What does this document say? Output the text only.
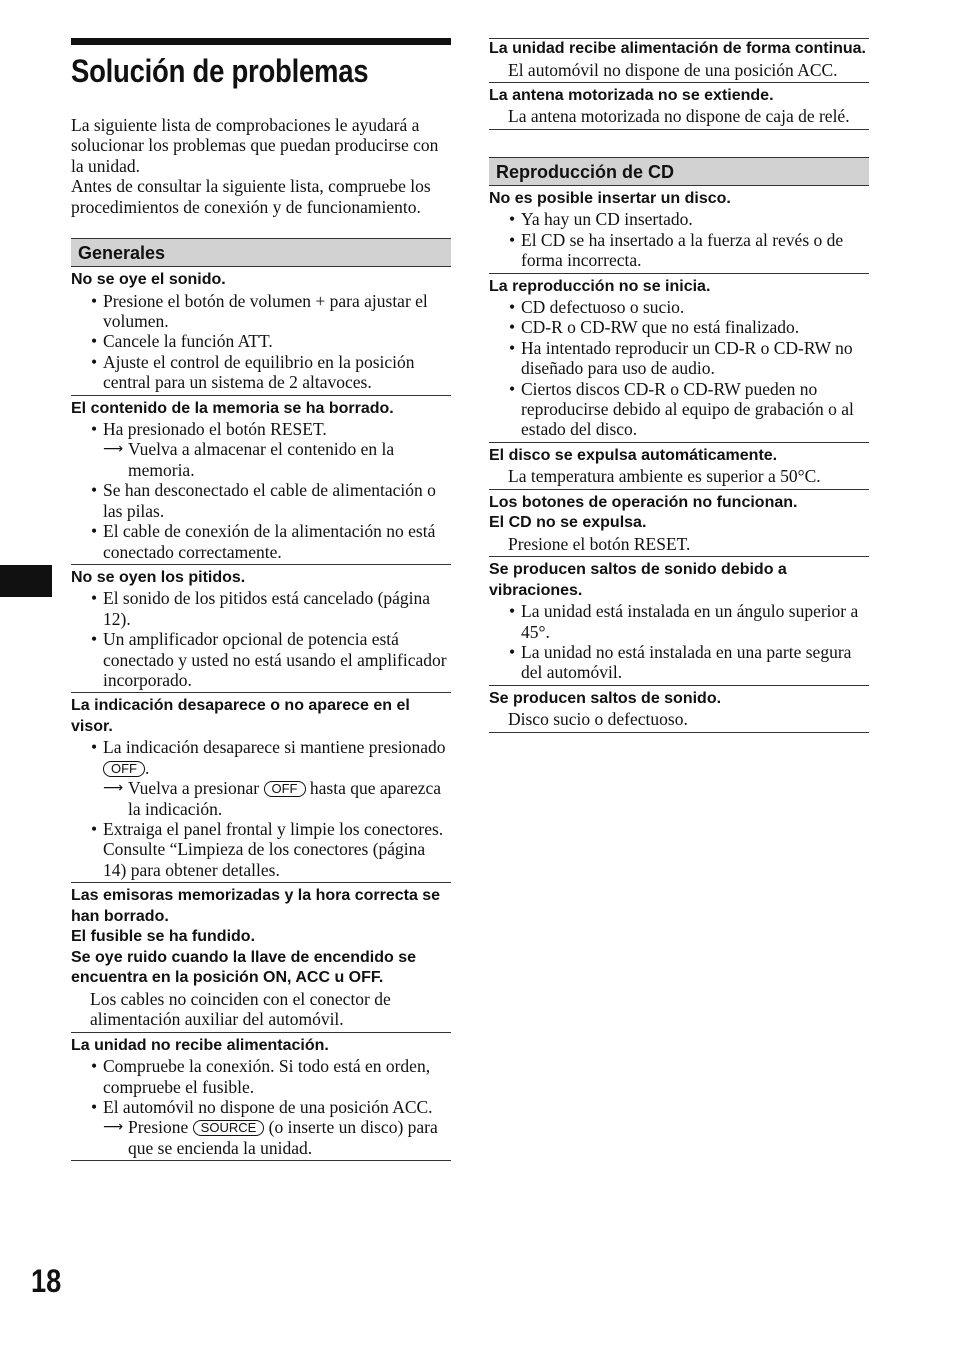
Solución de problemas

La siguiente lista de comprobaciones le ayudará a solucionar los problemas que puedan producirse con la unidad.

Antes de consultar la siguiente lista, compruebe los procedimientos de conexión y de funcionamiento.

Generales

No se oye el sonido.

• Presione el botón de volumen + para ajustar el volumen.

• Cancele la función ATT.

• Ajuste el control de equilibrio en la posición central para un sistema de 2 altavoces.

El contenido de la memoria se ha borrado.

• Ha presionado el botón RESET.

⟶ Vuelva a almacenar el contenido en la memoria.

• Se han desconectado el cable de alimentación o las pilas.

• El cable de conexión de la alimentación no está conectado correctamente.

No se oyen los pitidos.

• El sonido de los pitidos está cancelado (página 12).

• Un amplificador opcional de potencia está conectado y usted no está usando el amplificador incorporado.

La indicación desaparece o no aparece en el visor.

• La indicación desaparece si mantiene presionado OFF .

⟶ Vuelva a presionar OFF hasta que aparezca la indicación.

• Extraiga el panel frontal y limpie los conectores. Consulte “Limpieza de los conectores (página 14) para obtener detalles.

Las emisoras memorizadas y la hora correcta se han borrado.

El fusible se ha fundido.

Se oye ruido cuando la llave de encendido se encuentra en la posición ON, ACC u OFF.

Los cables no coinciden con el conector de alimentación auxiliar del automóvil.

La unidad no recibe alimentación.

• Compruebe la conexión. Si todo está en orden, compruebe el fusible.

• El automóvil no dispone de una posición ACC.

⟶ Presione SOURCE (o inserte un disco) para que se encienda la unidad.

La unidad recibe alimentación de forma continua.

El automóvil no dispone de una posición ACC.

La antena motorizada no se extiende.

La antena motorizada no dispone de caja de relé.

Reproducción de CD

No es posible insertar un disco.

• Ya hay un CD insertado.

• El CD se ha insertado a la fuerza al revés o de forma incorrecta.

La reproducción no se inicia.

• CD defectuoso o sucio.

• CD-R o CD-RW que no está finalizado.

• Ha intentado reproducir un CD-R o CD-RW no diseñado para uso de audio.

• Ciertos discos CD-R o CD-RW pueden no reproducirse debido al equipo de grabación o al estado del disco.

El disco se expulsa automáticamente.

La temperatura ambiente es superior a 50°C.

Los botones de operación no funcionan.

El CD no se expulsa.

Presione el botón RESET.

Se producen saltos de sonido debido a vibraciones.

• La unidad está instalada en un ángulo superior a 45°.

• La unidad no está instalada en una parte segura del automóvil.

Se producen saltos de sonido.

Disco sucio o defectuoso.

18
